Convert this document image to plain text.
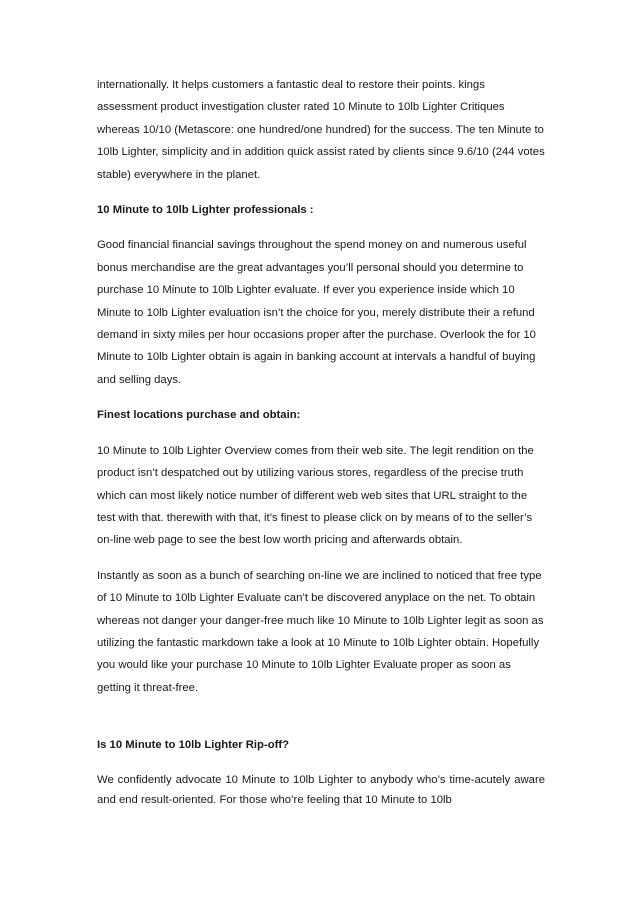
internationally. It helps customers a fantastic deal to restore their points. kings assessment product investigation cluster rated 10 Minute to 10lb Lighter Critiques whereas 10/10 (Metascore: one hundred/one hundred) for the success. The ten Minute to 10lb Lighter, simplicity and in addition quick assist rated by clients since 9.6/10 (244 votes stable) everywhere in the planet.

10 Minute to 10lb Lighter professionals :

Good financial financial savings throughout the spend money on and numerous useful bonus merchandise are the great advantages you’ll personal should you determine to purchase 10 Minute to 10lb Lighter evaluate. If ever you experience inside which 10 Minute to 10lb Lighter evaluation isn’t the choice for you, merely distribute their a refund demand in sixty miles per hour occasions proper after the purchase. Overlook the for 10 Minute to 10lb Lighter obtain is again in banking account at intervals a handful of buying and selling days.

Finest locations purchase and obtain:

10 Minute to 10lb Lighter Overview comes from their web site. The legit rendition on the product isn’t despatched out by utilizing various stores, regardless of the precise truth which can most likely notice number of different web web sites that URL straight to the test with that. therewith with that, it’s finest to please click on by means of to the seller’s on-line web page to see the best low worth pricing and afterwards obtain.

Instantly as soon as a bunch of searching on-line we are inclined to noticed that free type of 10 Minute to 10lb Lighter Evaluate can’t be discovered anyplace on the net. To obtain whereas not danger your danger-free much like 10 Minute to 10lb Lighter legit as soon as utilizing the fantastic markdown take a look at 10 Minute to 10lb Lighter obtain. Hopefully you would like your purchase 10 Minute to 10lb Lighter Evaluate proper as soon as getting it threat-free.

Is 10 Minute to 10lb Lighter Rip-off?

We confidently advocate 10 Minute to 10lb Lighter to anybody who’s time-acutely aware and end result-oriented. For those who’re feeling that 10 Minute to 10lb
